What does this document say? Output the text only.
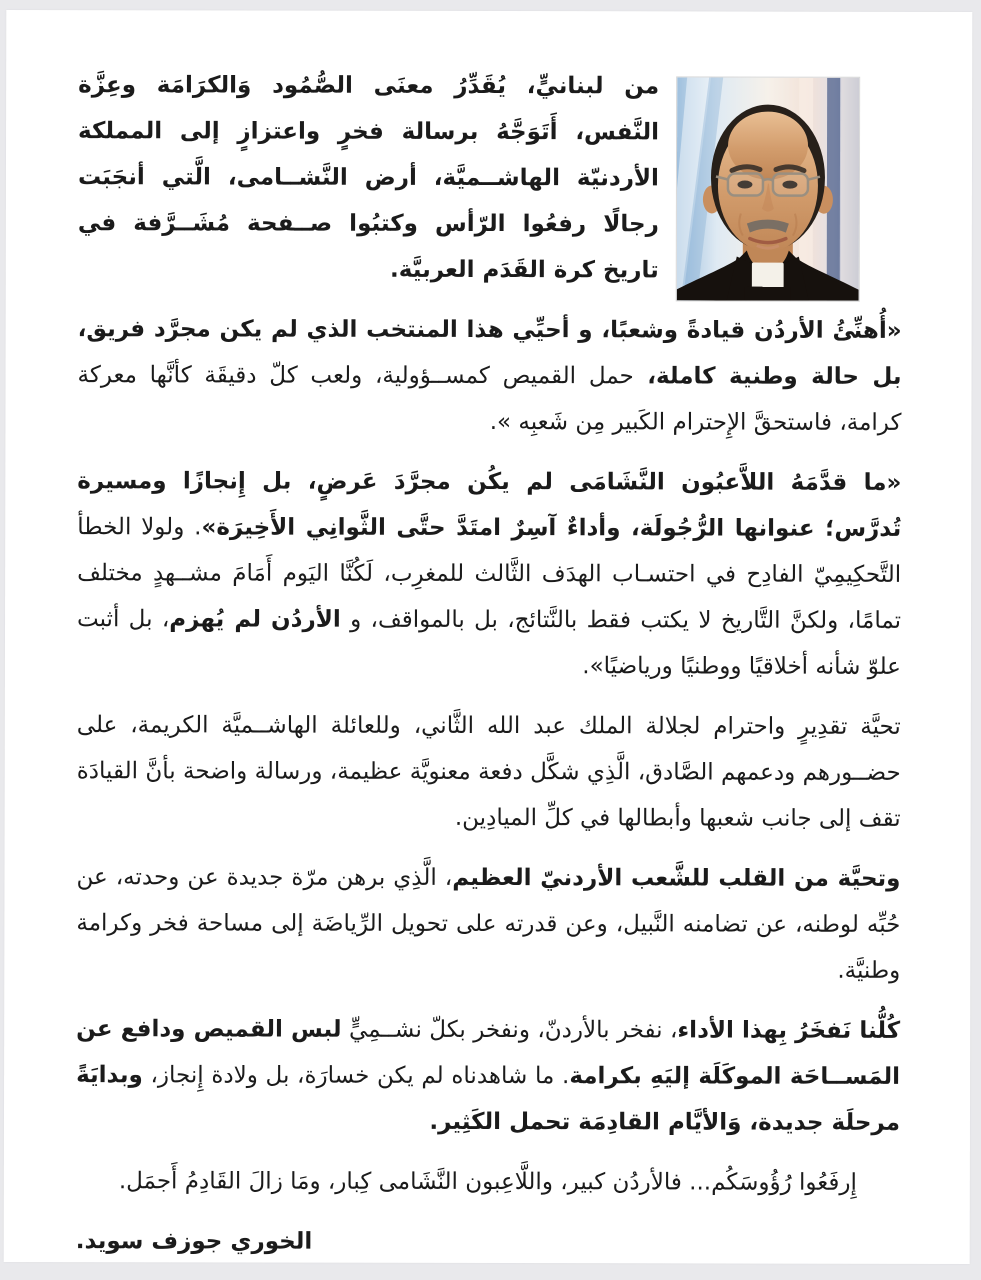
من لبنانيٍّ، يُقَدِّرُ معنَى الصُّمُود وَالكرَامَة وعِزَّة النَّفس، أَتَوَجَّهُ برسالة فخرٍ واعتزازٍ إلى المملكة الأردنيّة الهاشــميَّة، أرض النَّشــامى، الَّتي أنجَبَت رجالًا رفعُوا الرّأس وكتبُوا صــفحة مُشَــرَّفة في تاريخ كرة القَدَم العربيَّة.

«أُهنِّئُ الأردُن قيادةً وشعبًا، و أحيِّي هذا المنتخب الذي لم يكن مجرَّد فريق، بل حالة وطنية كاملة، حمل القميص كمســؤولية، ولعب كلّ دقيقَة كأنَّها معركة كرامة، فاستحقَّ الإِحترام الكَبير مِن شَعبِه ».

«ما قدَّمَهُ اللاَّعبُون النَّشَامَى لم يكُن مجرَّدَ عَرضٍ، بل إِنجازًا ومسيرة تُدرَّس؛ عنوانها الرُّجُولَة، وأداءٌ آسِرٌ امتَدَّ حتَّى الثَّوانِي الأَخِيرَة». ولولا الخطأ التَّحكِيمِيّ الفادِح في احتسـاب الهدَف الثَّالث للمغرِب، لَكُنَّا اليَوم أَمَامَ مشــهدٍ مختلف تمامًا، ولكنَّ التَّاريخ لا يكتب فقط بالنَّتائج، بل بالمواقف، و الأردُن لم يُهزم، بل أثبت علوّ شأنه أخلاقيًا ووطنيًا ورياضيًا».

تحيَّة تقدِيرٍ واحترام لجلالة الملك عبد الله الثَّاني، وللعائلة الهاشــميَّة الكريمة، على حضــورهم ودعمهم الصَّادق، الَّذِي شكَّل دفعة معنويَّة عظيمة، ورسالة واضحة بأنَّ القيادَة تقف إلى جانب شعبها وأبطالها في كلِّ الميادِين.

وتحيَّة من القلب للشَّعب الأردنيّ العظيم، الَّذِي برهن مرّة جديدة عن وحدته، عن حُبِّه لوطنه، عن تضامنه النَّبيل، وعن قدرته على تحويل الرِّياضَة إلى مساحة فخر وكرامة وطنيَّة.

كُلُّنا نَفخَرُ بِهذا الأداء، نفخر بالأردنّ، ونفخر بكلّ نشــمِيٍّ لبس القميص ودافع عن المَســاحَة الموكَلَة إليَهِ بكرامة. ما شاهدناه لم يكن خسارَة، بل ولادة إِنجاز، وبدايَةً مرحلَة جديدة، وَالأيَّام القادِمَة تحمل الكَثِير.

إِرفَعُوا رُؤُوسَكُم... فالأردُن كبير، واللَّاعِبون النَّشَامى كِبار، ومَا زالَ القَادِمُ أَجمَل.

الخوري جوزف سويد.
